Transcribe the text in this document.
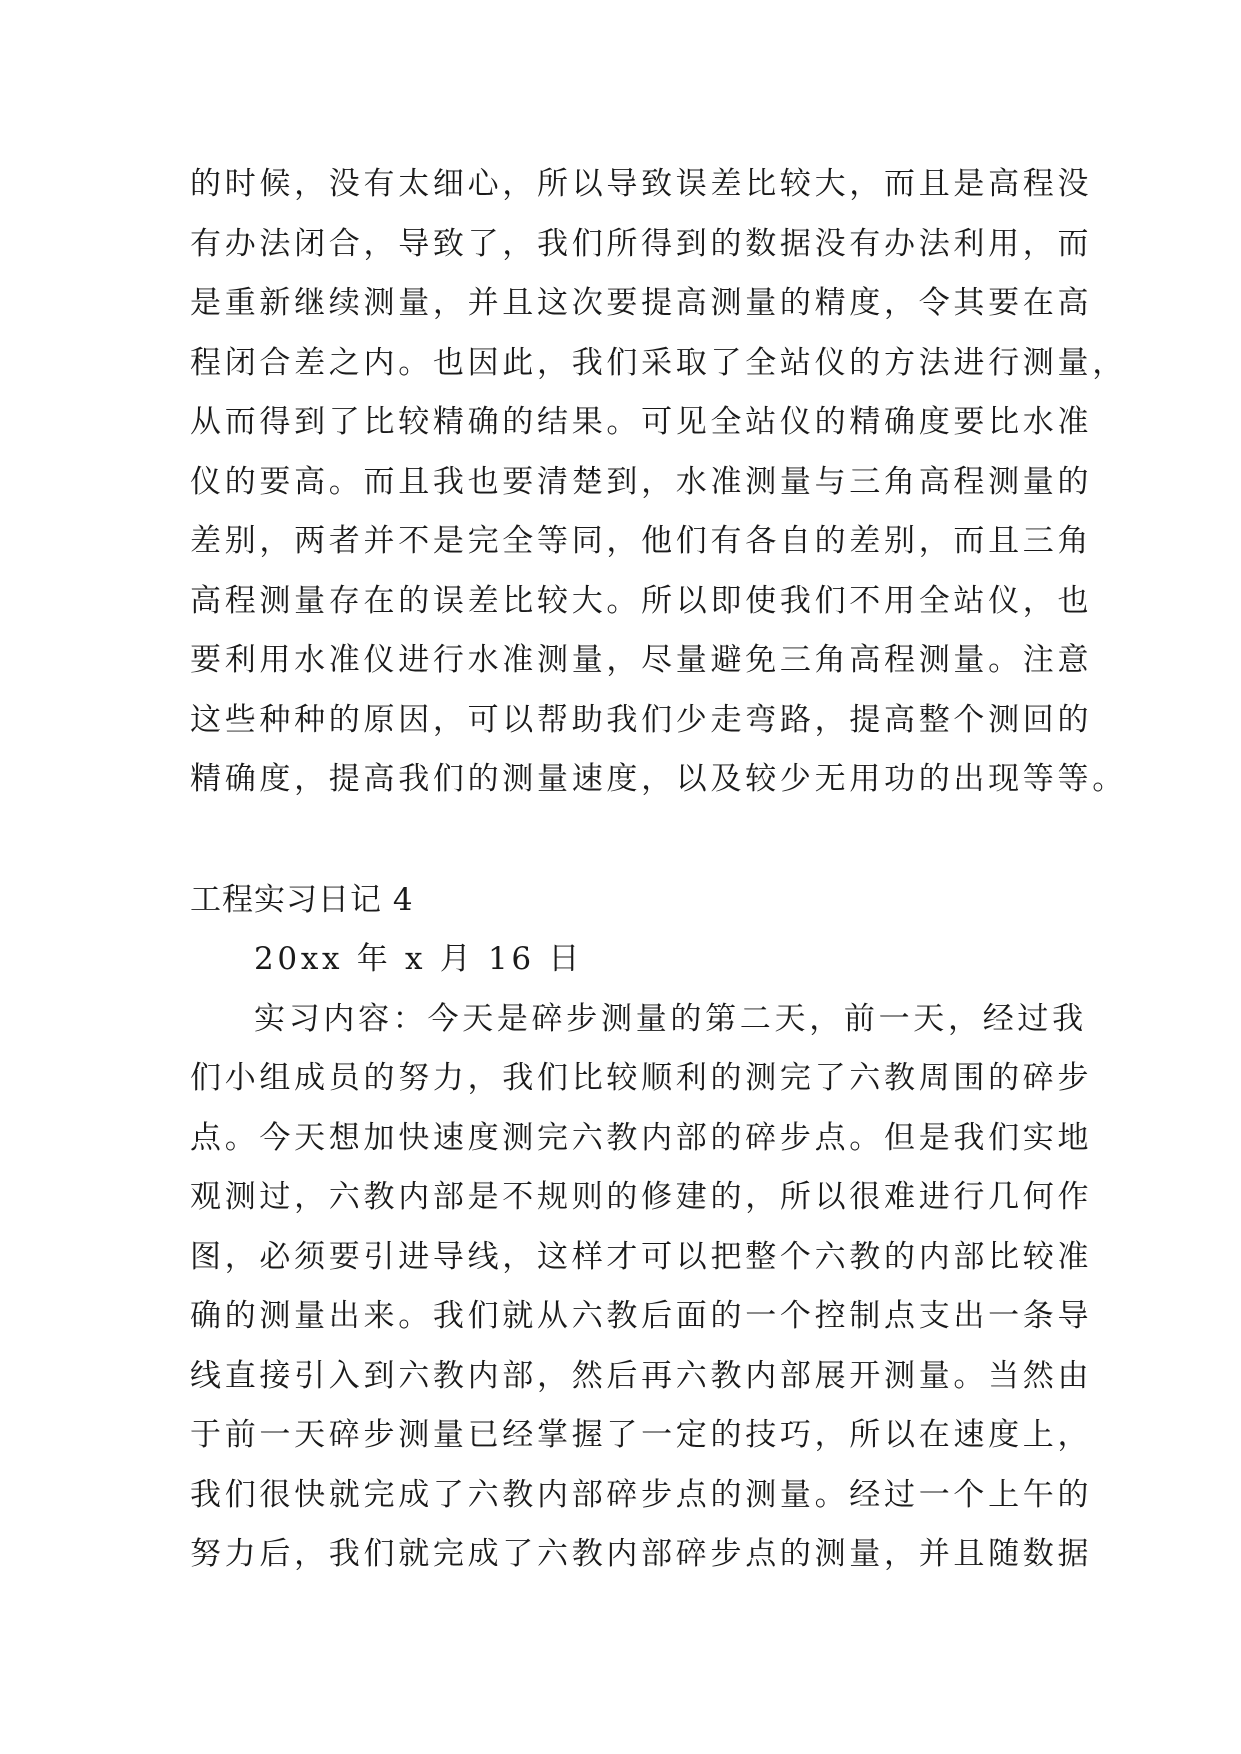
的时候，没有太细心，所以导致误差比较大，而且是高程没
有办法闭合，导致了，我们所得到的数据没有办法利用，而
是重新继续测量，并且这次要提高测量的精度，令其要在高
程闭合差之内。也因此，我们采取了全站仪的方法进行测量，
从而得到了比较精确的结果。可见全站仪的精确度要比水准
仪的要高。而且我也要清楚到，水准测量与三角高程测量的
差别，两者并不是完全等同，他们有各自的差别，而且三角
高程测量存在的误差比较大。所以即使我们不用全站仪，也
要利用水准仪进行水准测量，尽量避免三角高程测量。注意
这些种种的原因，可以帮助我们少走弯路，提高整个测回的
精确度，提高我们的测量速度，以及较少无用功的出现等等。
工程实习日记 4
20xx 年 x 月 16 日
实习内容：今天是碎步测量的第二天，前一天，经过我
们小组成员的努力，我们比较顺利的测完了六教周围的碎步
点。今天想加快速度测完六教内部的碎步点。但是我们实地
观测过，六教内部是不规则的修建的，所以很难进行几何作
图，必须要引进导线，这样才可以把整个六教的内部比较准
确的测量出来。我们就从六教后面的一个控制点支出一条导
线直接引入到六教内部，然后再六教内部展开测量。当然由
于前一天碎步测量已经掌握了一定的技巧，所以在速度上，
我们很快就完成了六教内部碎步点的测量。经过一个上午的
努力后，我们就完成了六教内部碎步点的测量，并且随数据
